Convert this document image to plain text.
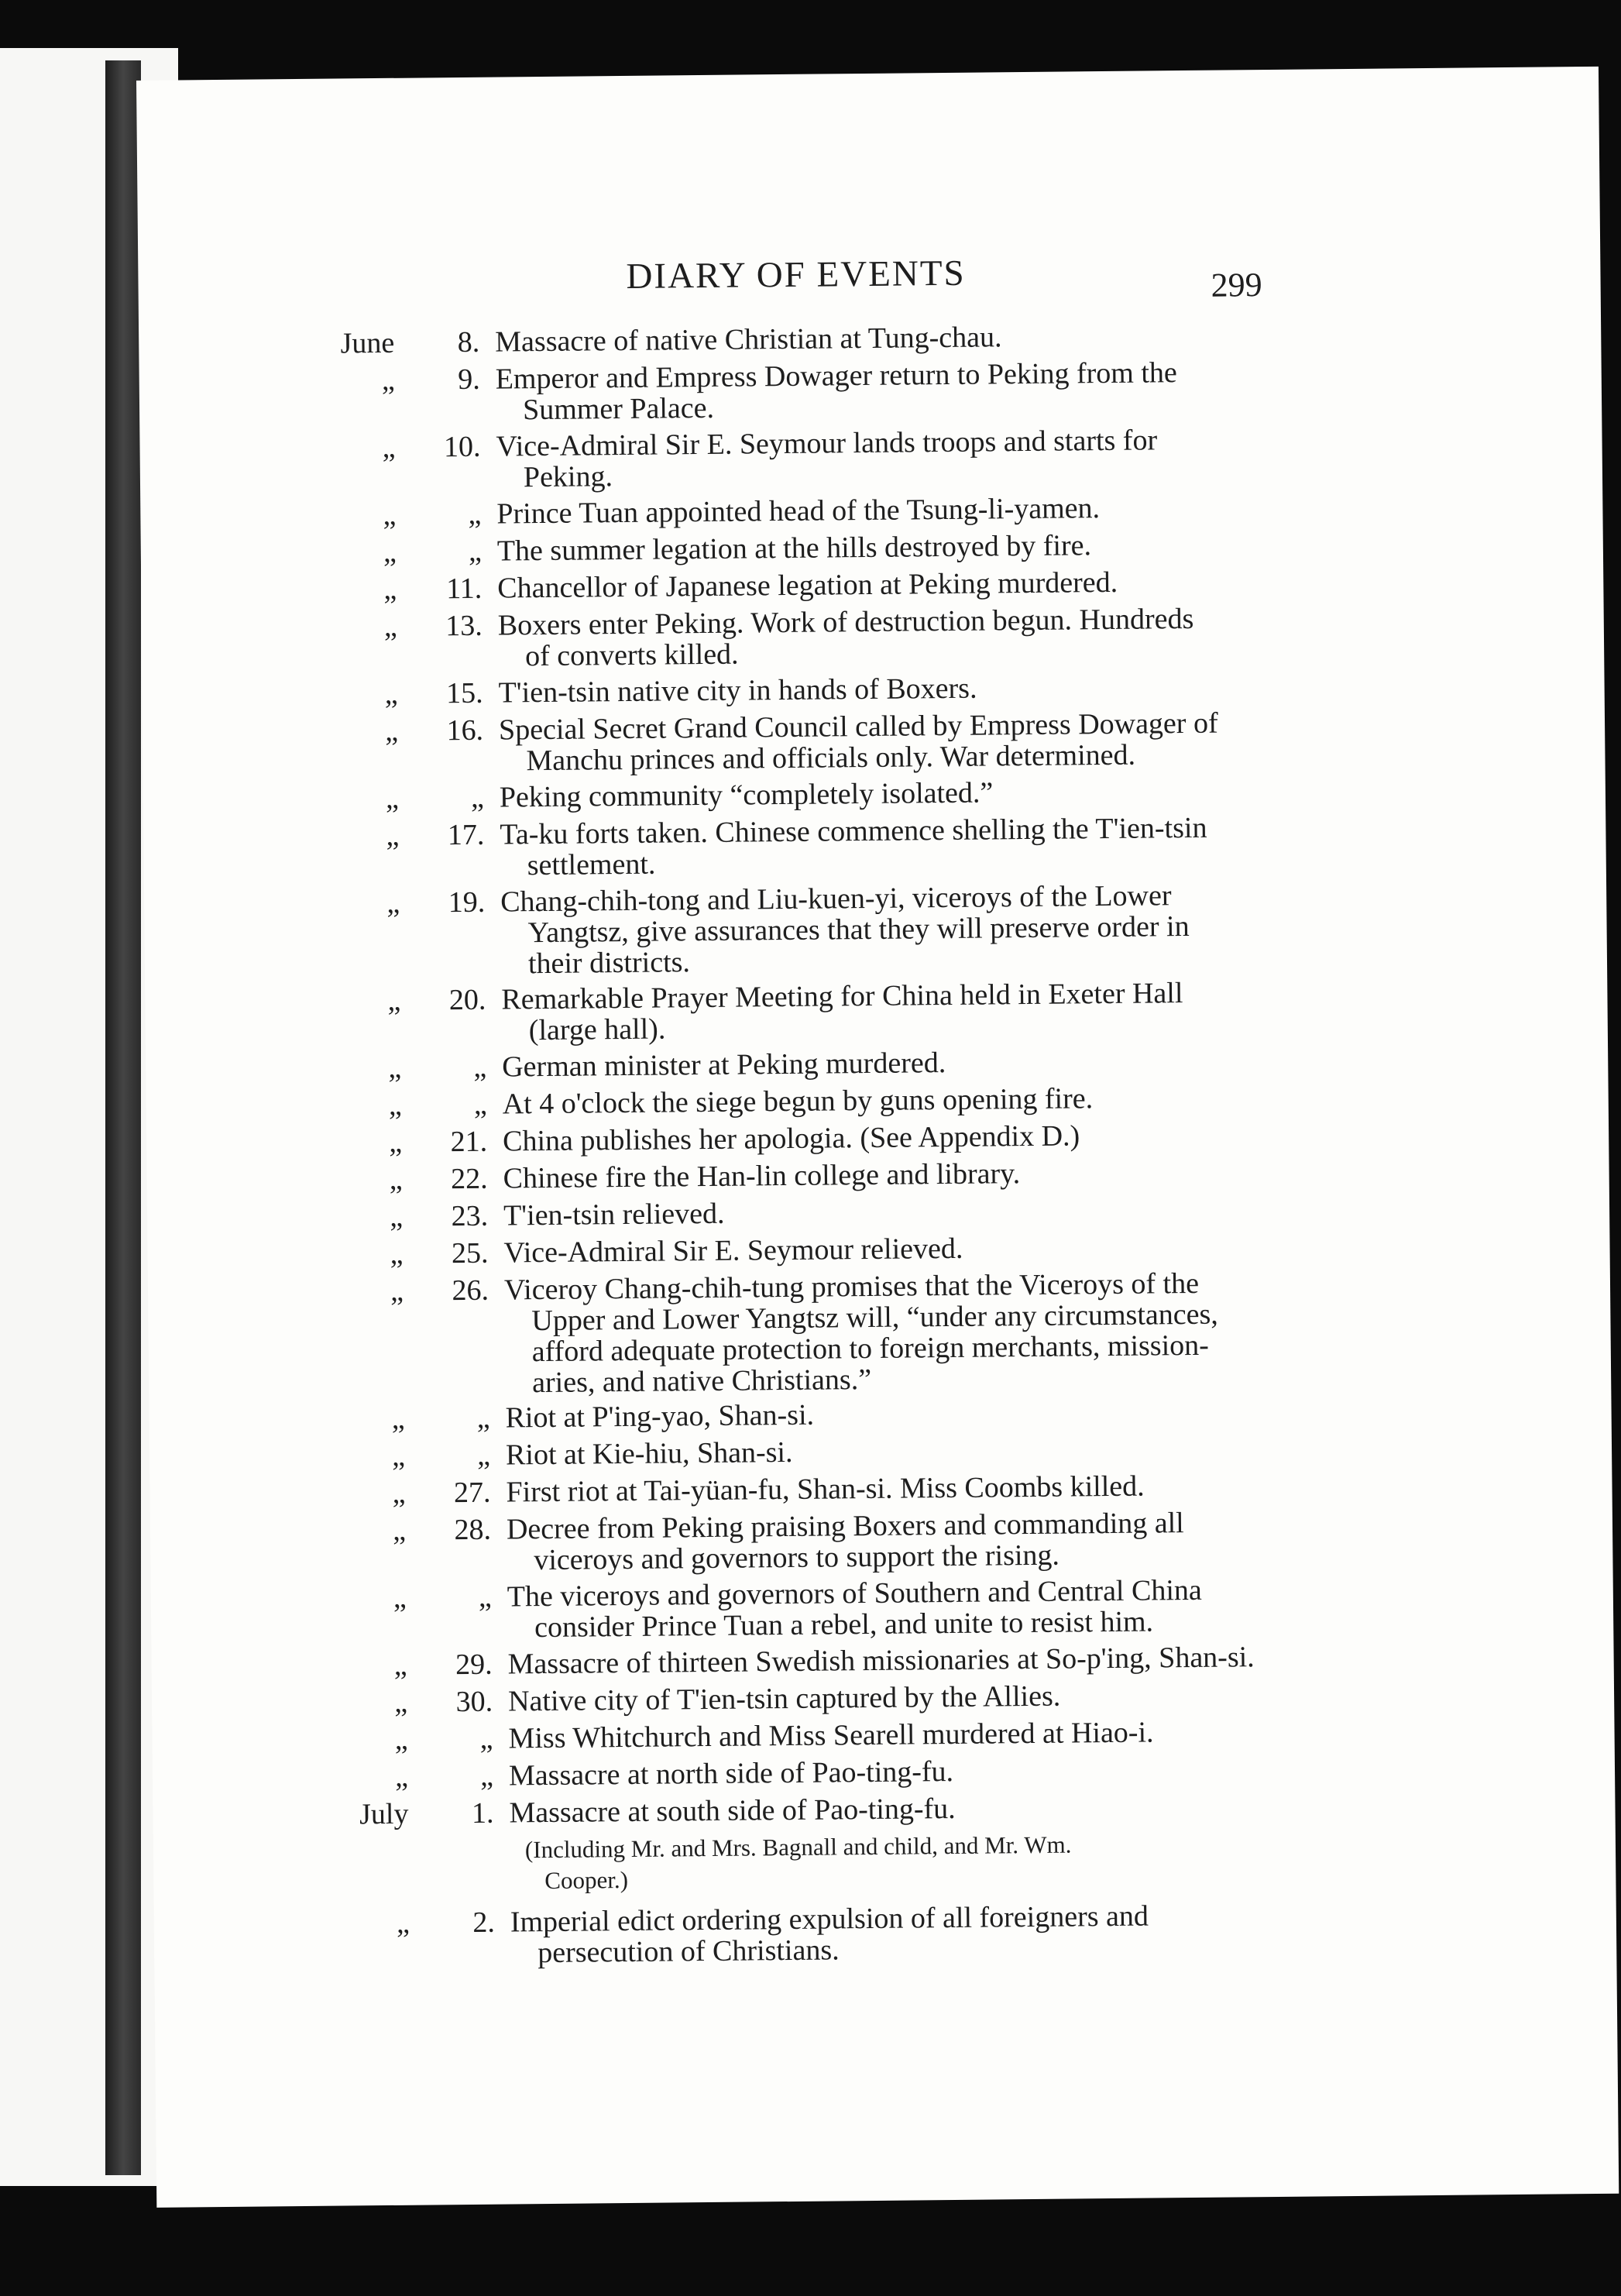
DIARY OF EVENTS	299
June	8. Massacre of native Christian at Tung-chau.
„	9. Emperor and Empress Dowager return to Peking from the
Summer Palace.
„	10. Vice-Admiral Sir E. Seymour lands troops and starts for
Peking.
„	„ Prince Tuan appointed head of the Tsung-li-yamen.
„	„ The summer legation at the hills destroyed by fire.
„	11. Chancellor of Japanese legation at Peking murdered.
„	13. Boxers enter Peking. Work of destruction begun. Hundreds
of converts killed.
„	15. T'ien-tsin native city in hands of Boxers.
„	16. Special Secret Grand Council called by Empress Dowager of
Manchu princes and officials only. War determined.
„	„ Peking community “completely isolated.”
„	17. Ta-ku forts taken. Chinese commence shelling the T'ien-tsin
settlement.
„	19. Chang-chih-tong and Liu-kuen-yi, viceroys of the Lower
Yangtsz, give assurances that they will preserve order in
their districts.
„	20. Remarkable Prayer Meeting for China held in Exeter Hall
(large hall).
„	„ German minister at Peking murdered.
„	„ At 4 o'clock the siege begun by guns opening fire.
„	21. China publishes her apologia. (See Appendix D.)
„	22. Chinese fire the Han-lin college and library.
„	23. T'ien-tsin relieved.
„	25. Vice-Admiral Sir E. Seymour relieved.
„	26. Viceroy Chang-chih-tung promises that the Viceroys of the
Upper and Lower Yangtsz will, “under any circumstances,
afford adequate protection to foreign merchants, mission-
aries, and native Christians.”
„	„ Riot at P'ing-yao, Shan-si.
„	„ Riot at Kie-hiu, Shan-si.
„	27. First riot at Tai-yüan-fu, Shan-si. Miss Coombs killed.
„	28. Decree from Peking praising Boxers and commanding all
viceroys and governors to support the rising.
„	„ The viceroys and governors of Southern and Central China
consider Prince Tuan a rebel, and unite to resist him.
„	29. Massacre of thirteen Swedish missionaries at So-p'ing, Shan-si.
„	30. Native city of T'ien-tsin captured by the Allies.
„	„ Miss Whitchurch and Miss Searell murdered at Hiao-i.
„	„ Massacre at north side of Pao-ting-fu.
July	1. Massacre at south side of Pao-ting-fu.
(Including Mr. and Mrs. Bagnall and child, and Mr. Wm.
Cooper.)
„	2. Imperial edict ordering expulsion of all foreigners and
persecution of Christians.
